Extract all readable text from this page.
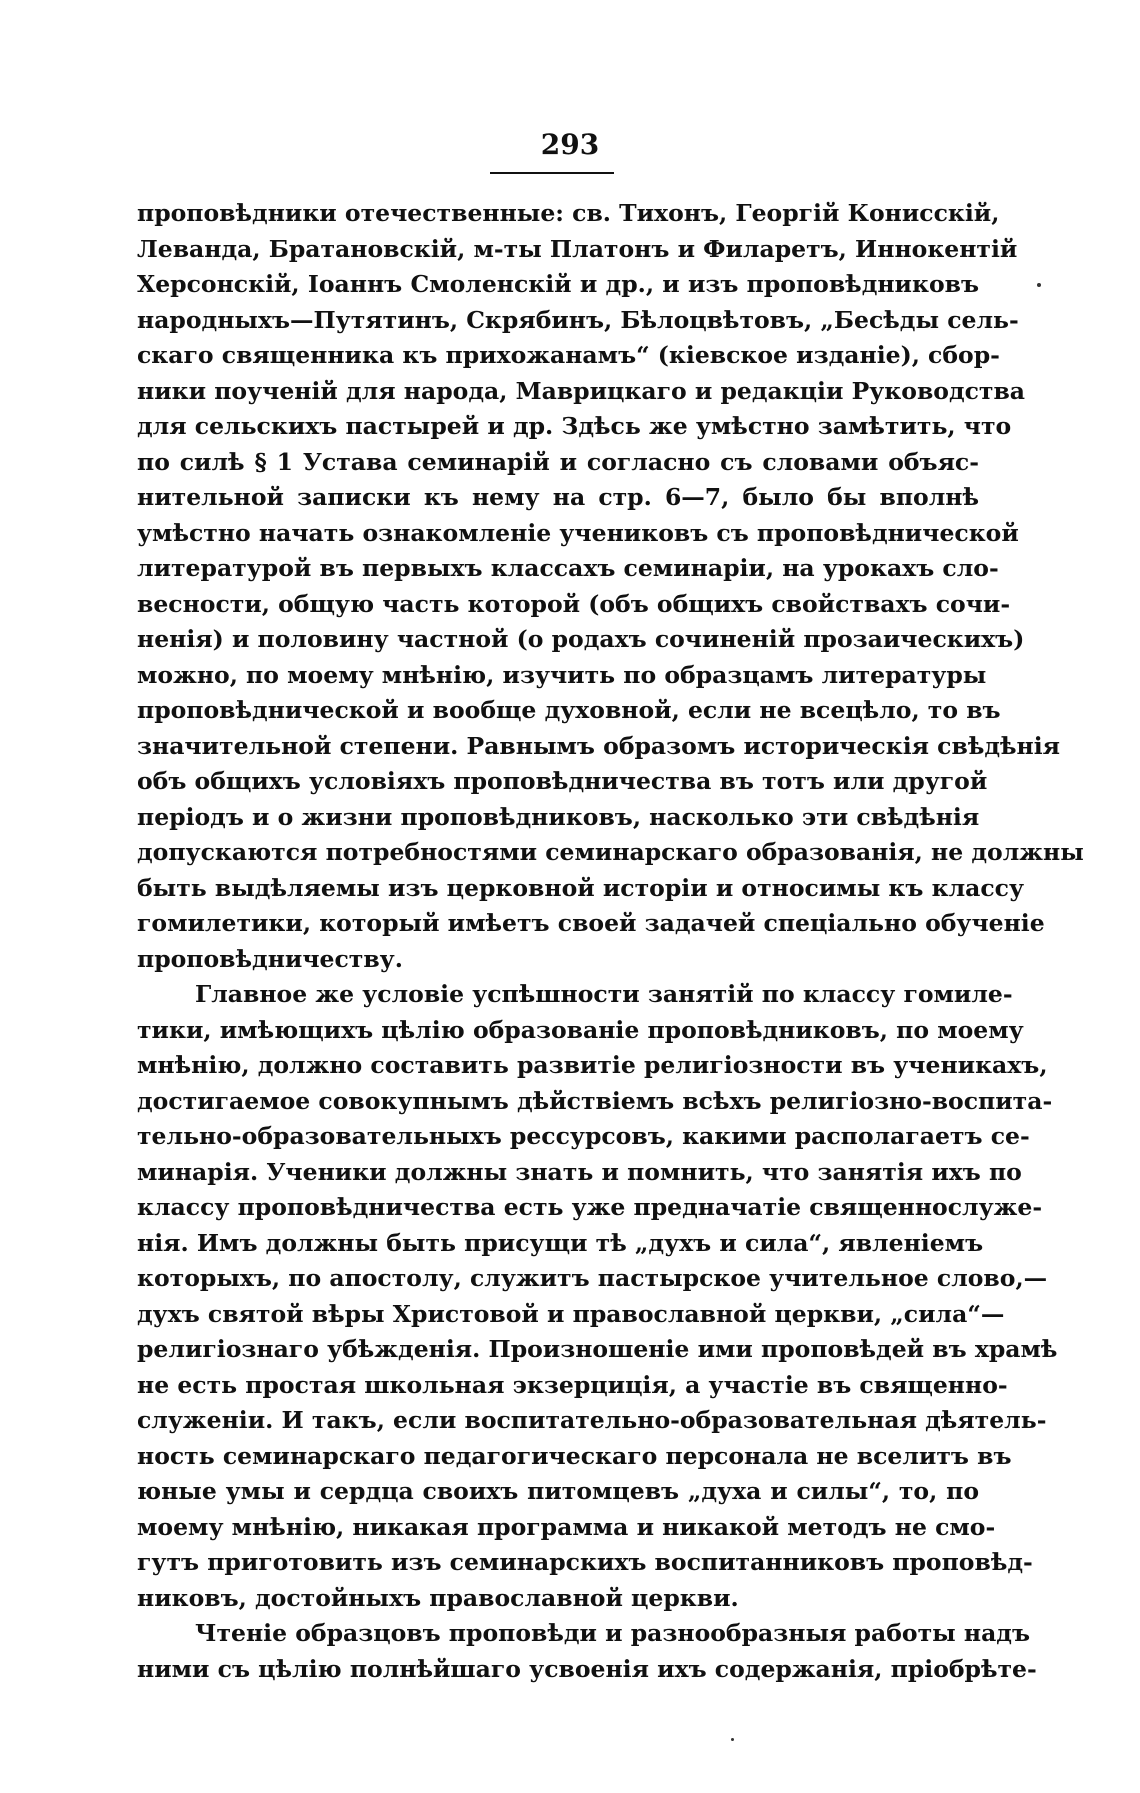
293
проповѣдники отечественные: св. Тихонъ, Георгій Конисскій,
Леванда, Братановскій, м-ты Платонъ и Филаретъ, Иннокентій
Херсонскій, Іоаннъ Смоленскій и др., и изъ проповѣдниковъ
народныхъ—Путятинъ, Скрябинъ, Бѣлоцвѣтовъ, „Бесѣды сель-
скаго священника къ прихожанамъ“ (кіевское изданіе), сбор-
ники поученій для народа, Маврицкаго и редакціи Руководства
для сельскихъ пастырей и др. Здѣсь же умѣстно замѣтить, что
по силѣ § 1 Устава семинарій и согласно съ словами объяс-
нительной записки къ нему на стр. 6—7, было бы вполнѣ
умѣстно начать ознакомленіе учениковъ съ проповѣднической
литературой въ первыхъ классахъ семинаріи, на урокахъ сло-
весности, общую часть которой (объ общихъ свойствахъ сочи-
ненія) и половину частной (о родахъ сочиненій прозаическихъ)
можно, по моему мнѣнію, изучить по образцамъ литературы
проповѣднической и вообще духовной, если не всецѣло, то въ
значительной степени. Равнымъ образомъ историческія свѣдѣнія
объ общихъ условіяхъ проповѣдничества въ тотъ или другой
періодъ и о жизни проповѣдниковъ, насколько эти свѣдѣнія
допускаются потребностями семинарскаго образованія, не должны
быть выдѣляемы изъ церковной исторіи и относимы къ классу
гомилетики, который имѣетъ своей задачей спеціально обученіе
проповѣдничеству.
Главное же условіе успѣшности занятій по классу гомиле-
тики, имѣющихъ цѣлію образованіе проповѣдниковъ, по моему
мнѣнію, должно составить развитіе религіозности въ ученикахъ,
достигаемое совокупнымъ дѣйствіемъ всѣхъ религіозно-воспита-
тельно-образовательныхъ рессурсовъ, какими располагаетъ се-
минарія. Ученики должны знать и помнить, что занятія ихъ по
классу проповѣдничества есть уже предначатіе священнослуже-
нія. Имъ должны быть присущи тѣ „духъ и сила“, явленіемъ
которыхъ, по апостолу, служитъ пастырское учительное слово,—
духъ святой вѣры Христовой и православной церкви, „сила“—
религіознаго убѣжденія. Произношеніе ими проповѣдей въ храмѣ
не есть простая школьная экзерциція, а участіе въ священно-
служеніи. И такъ, если воспитательно-образовательная дѣятель-
ность семинарскаго педагогическаго персонала не вселитъ въ
юные умы и сердца своихъ питомцевъ „духа и силы“, то, по
моему мнѣнію, никакая программа и никакой методъ не смо-
гутъ приготовить изъ семинарскихъ воспитанниковъ проповѣд-
никовъ, достойныхъ православной церкви.
Чтеніе образцовъ проповѣди и разнообразныя работы надъ
ними съ цѣлію полнѣйшаго усвоенія ихъ содержанія, пріобрѣте-
